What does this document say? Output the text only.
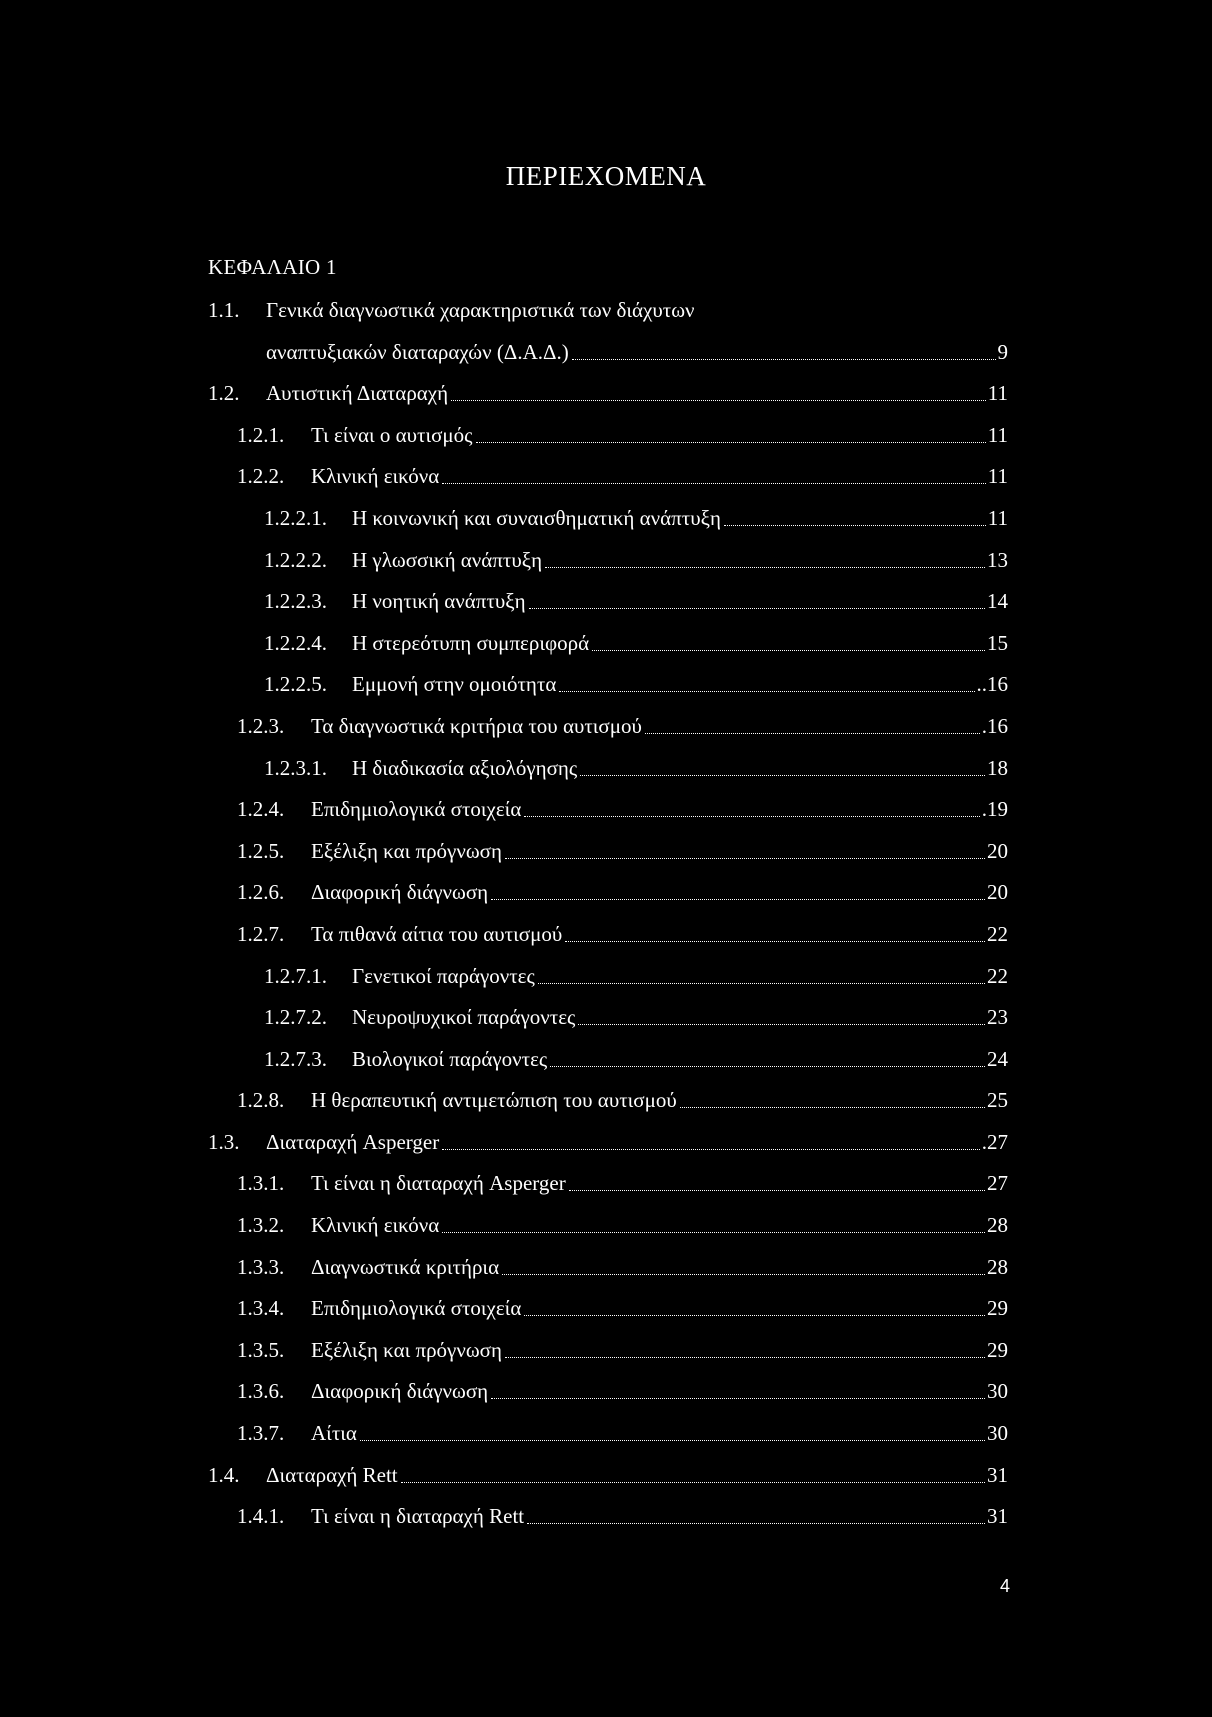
ΠΕΡΙΕΧΟΜΕΝΑ
ΚΕΦΑΛΑΙΟ 1
1.1. Γενικά διαγνωστικά χαρακτηριστικά των διάχυτων
αναπτυξιακών διαταραχών (Δ.Α.Δ.)	9
1.2. Αυτιστική Διαταραχή	11
1.2.1. Τι είναι ο αυτισμός	11
1.2.2. Κλινική εικόνα	11
1.2.2.1. Η κοινωνική και συναισθηματική ανάπτυξη	11
1.2.2.2. Η γλωσσική ανάπτυξη	13
1.2.2.3. Η νοητική ανάπτυξη	14
1.2.2.4. Η στερεότυπη συμπεριφορά	15
1.2.2.5. Εμμονή στην ομοιότητα	..16
1.2.3. Τα διαγνωστικά κριτήρια του αυτισμού	.16
1.2.3.1. Η διαδικασία αξιολόγησης	18
1.2.4. Επιδημιολογικά στοιχεία	.19
1.2.5. Εξέλιξη και πρόγνωση	20
1.2.6. Διαφορική διάγνωση	20
1.2.7. Τα πιθανά αίτια του αυτισμού	22
1.2.7.1. Γενετικοί παράγοντες	22
1.2.7.2. Νευροψυχικοί παράγοντες	23
1.2.7.3. Βιολογικοί παράγοντες	24
1.2.8. Η θεραπευτική αντιμετώπιση του αυτισμού	25
1.3. Διαταραχή Asperger	.27
1.3.1. Τι είναι η διαταραχή Asperger	27
1.3.2. Κλινική εικόνα	28
1.3.3. Διαγνωστικά κριτήρια	28
1.3.4. Επιδημιολογικά στοιχεία	29
1.3.5. Εξέλιξη και πρόγνωση	29
1.3.6. Διαφορική διάγνωση	30
1.3.7. Αίτια	30
1.4. Διαταραχή Rett	31
1.4.1. Τι είναι η διαταραχή Rett	31
4
